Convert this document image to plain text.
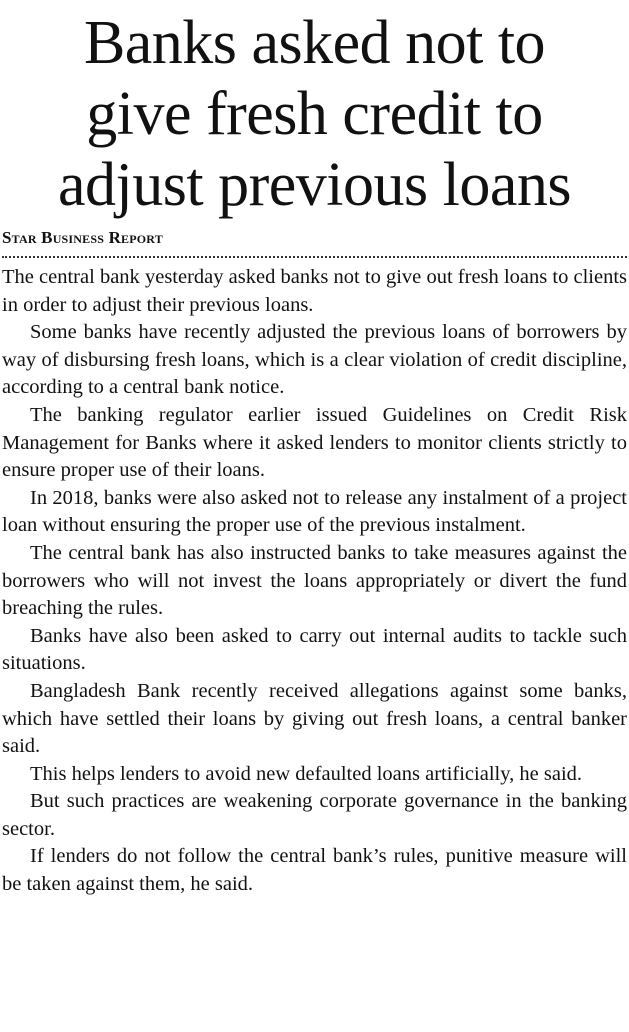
Banks asked not to
give fresh credit to
adjust previous loans
Star Business Report

The central bank yesterday asked banks not to give out fresh loans to clients in order to adjust their previous loans.

Some banks have recently adjusted the previous loans of borrowers by way of disbursing fresh loans, which is a clear violation of credit discipline, according to a central bank notice.

The banking regulator earlier issued Guidelines on Credit Risk Management for Banks where it asked lenders to monitor clients strictly to ensure proper use of their loans.

In 2018, banks were also asked not to release any instalment of a project loan without ensuring the proper use of the previous instalment.

The central bank has also instructed banks to take measures against the borrowers who will not invest the loans appropriately or divert the fund breaching the rules.

Banks have also been asked to carry out internal audits to tackle such situations.

Bangladesh Bank recently received allegations against some banks, which have settled their loans by giving out fresh loans, a central banker said.

This helps lenders to avoid new defaulted loans artificially, he said.

But such practices are weakening corporate governance in the banking sector.

If lenders do not follow the central bank’s rules, punitive measure will be taken against them, he said.
